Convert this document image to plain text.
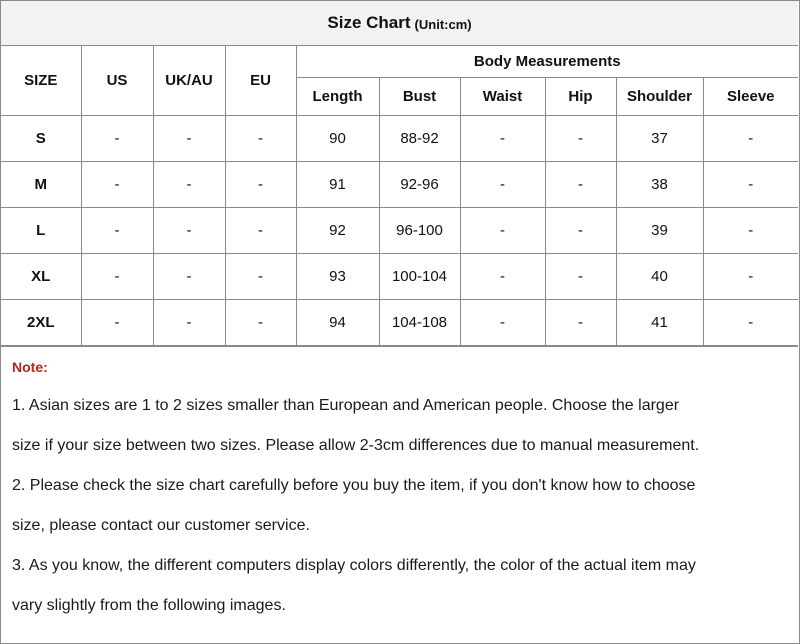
Size Chart (Unit:cm)
SIZE	US	UK/AU	EU	Body Measurements					
				Length	Bust	Waist	Hip	Shoulder	Sleeve
S	-	-	-	90	88-92	-	-	37	-
M	-	-	-	91	92-96	-	-	38	-
L	-	-	-	92	96-100	-	-	39	-
XL	-	-	-	93	100-104	-	-	40	-
2XL	-	-	-	94	104-108	-	-	41	-
Note:
1. Asian sizes are 1 to 2 sizes smaller than European and American people. Choose the larger
size if your size between two sizes. Please allow 2-3cm differences due to manual measurement.
2. Please check the size chart carefully before you buy the item, if you don't know how to choose
size, please contact our customer service.
3. As you know, the different computers display colors differently, the color of the actual item may
vary slightly from the following images.
